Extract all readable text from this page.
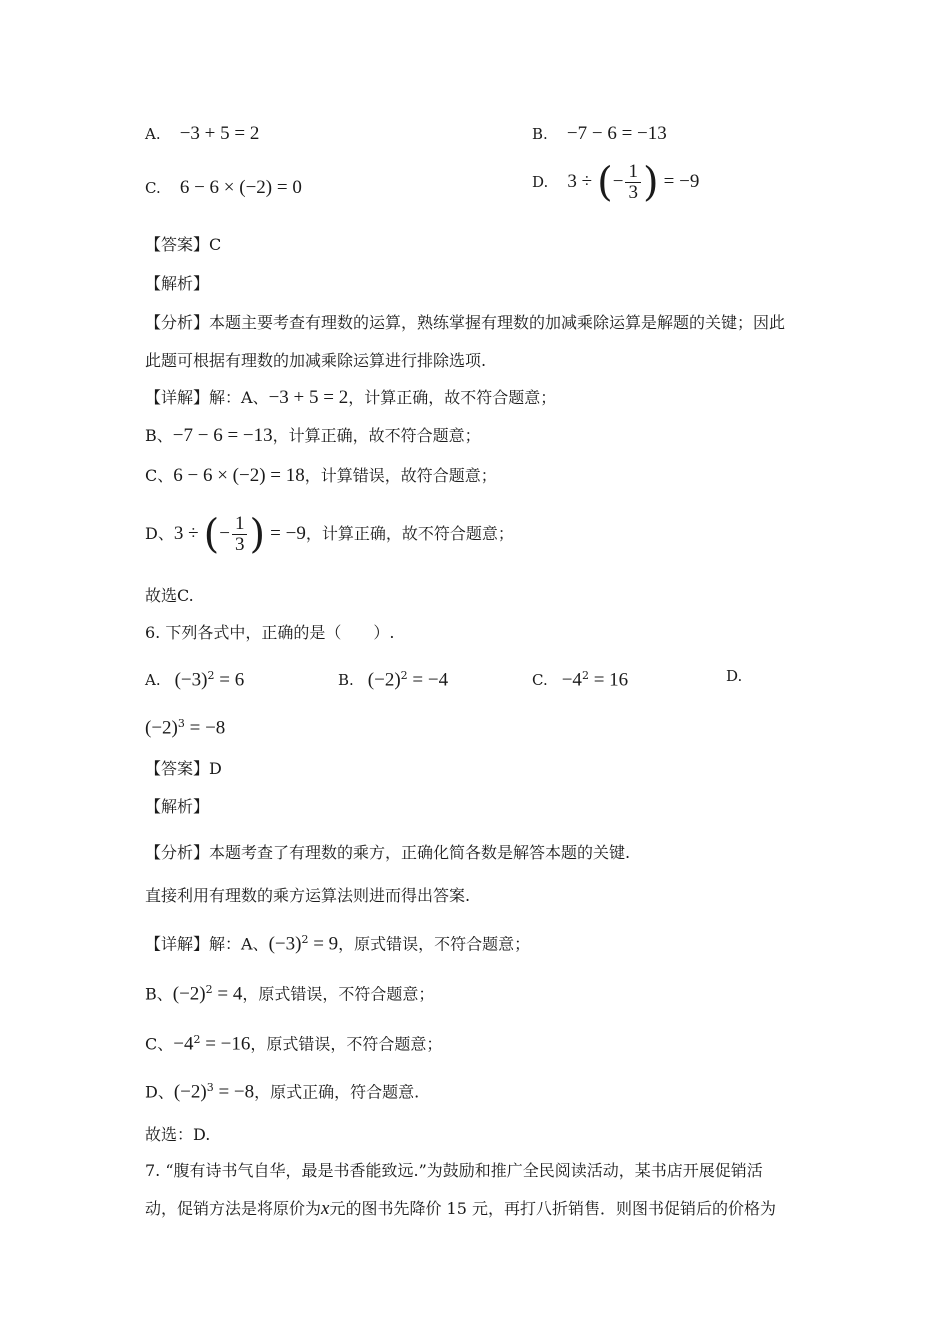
A. −3 + 5 = 2	B. −7 − 6 = −13
C. 6 − 6 × (−2) = 0	D. 3 ÷ (− $\frac{1}{3}$ ) = −9
【答案】C
【解析】
【分析】本题主要考查有理数的运算，熟练掌握有理数的加减乘除运算是解题的关键；因此
此题可根据有理数的加减乘除运算进行排除选项.
【详解】解：A、−3 + 5 = 2，计算正确，故不符合题意；
B、−7 − 6 = −13，计算正确，故不符合题意；
C、6 − 6 × (−2) = 18，计算错误，故符合题意；
D、3 ÷ (− $\frac{1}{3}$ ) = −9，计算正确，故不符合题意；
故选C.
6. 下列各式中，正确的是（　　）.
A. $(-3)^2 = 6$	B. $(-2)^2 = -4$	C. $-4^2 = 16$	D.
$(-2)^3 = -8$
【答案】D
【解析】
【分析】本题考查了有理数的乘方，正确化简各数是解答本题的关键.
直接利用有理数的乘方运算法则进而得出答案.
【详解】解：A、$(-3)^2 = 9$，原式错误，不符合题意；
B、$(-2)^2 = 4$，原式错误，不符合题意；
C、$-4^2 = -16$，原式错误，不符合题意；
D、$(-2)^3 = -8$，原式正确，符合题意.
故选：D.
7. “腹有诗书气自华，最是书香能致远.”为鼓励和推广全民阅读活动，某书店开展促销活
动，促销方法是将原价为x元的图书先降价 15 元，再打八折销售．则图书促销后的价格为
